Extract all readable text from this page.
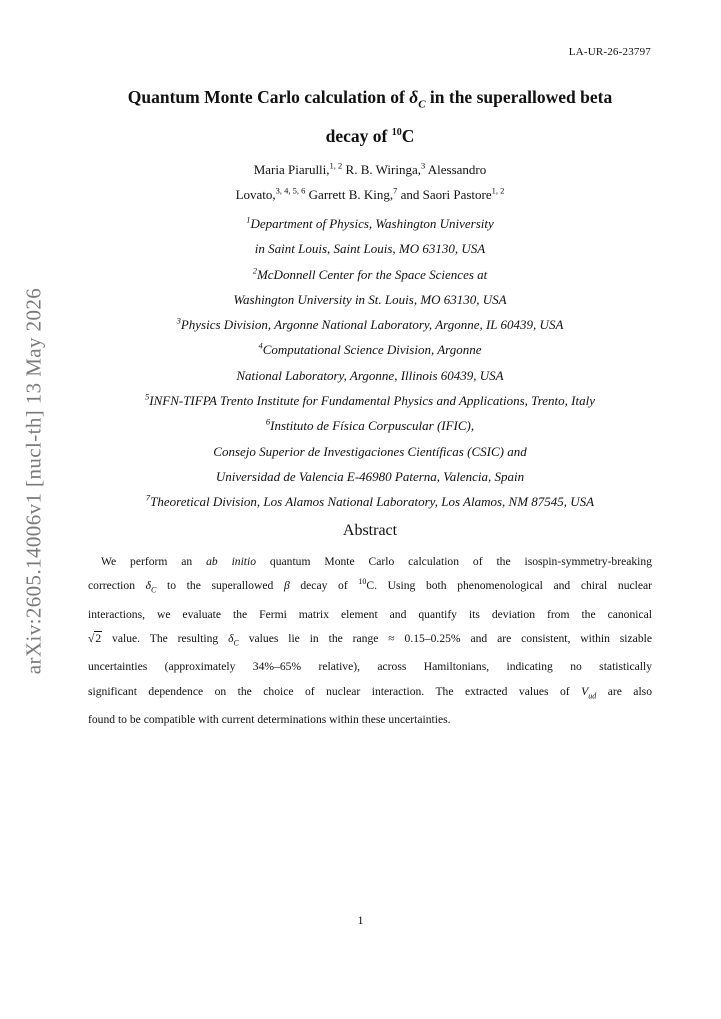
LA-UR-26-23797
arXiv:2605.14006v1 [nucl-th] 13 May 2026
Quantum Monte Carlo calculation of $\delta_C$ in the superallowed beta
decay of $^{10}$C
Maria Piarulli,$^{1, 2}$ R. B. Wiringa,$^3$ Alessandro
Lovato,$^{3, 4, 5, 6}$ Garrett B. King,$^7$ and Saori Pastore$^{1, 2}$
$^1$Department of Physics, Washington University
in Saint Louis, Saint Louis, MO 63130, USA
$^2$McDonnell Center for the Space Sciences at
Washington University in St. Louis, MO 63130, USA
$^3$Physics Division, Argonne National Laboratory, Argonne, IL 60439, USA
$^4$Computational Science Division, Argonne
National Laboratory, Argonne, Illinois 60439, USA
$^5$INFN-TIFPA Trento Institute for Fundamental Physics and Applications, Trento, Italy
$^6$Instituto de Física Corpuscular (IFIC),
Consejo Superior de Investigaciones Científicas (CSIC) and
Universidad de Valencia E-46980 Paterna, Valencia, Spain
$^7$Theoretical Division, Los Alamos National Laboratory, Los Alamos, NM 87545, USA
Abstract
We perform an ab initio quantum Monte Carlo calculation of the isospin-symmetry-breaking
correction $\delta_C$ to the superallowed β decay of $^{10}$C. Using both phenomenological and chiral nuclear
interactions, we evaluate the Fermi matrix element and quantify its deviation from the canonical
√2 value. The resulting $\delta_C$ values lie in the range ≈ 0.15–0.25% and are consistent, within sizable
uncertainties (approximately 34%–65% relative), across Hamiltonians, indicating no statistically
significant dependence on the choice of nuclear interaction. The extracted values of $V_{ud}$ are also
found to be compatible with current determinations within these uncertainties.
1
